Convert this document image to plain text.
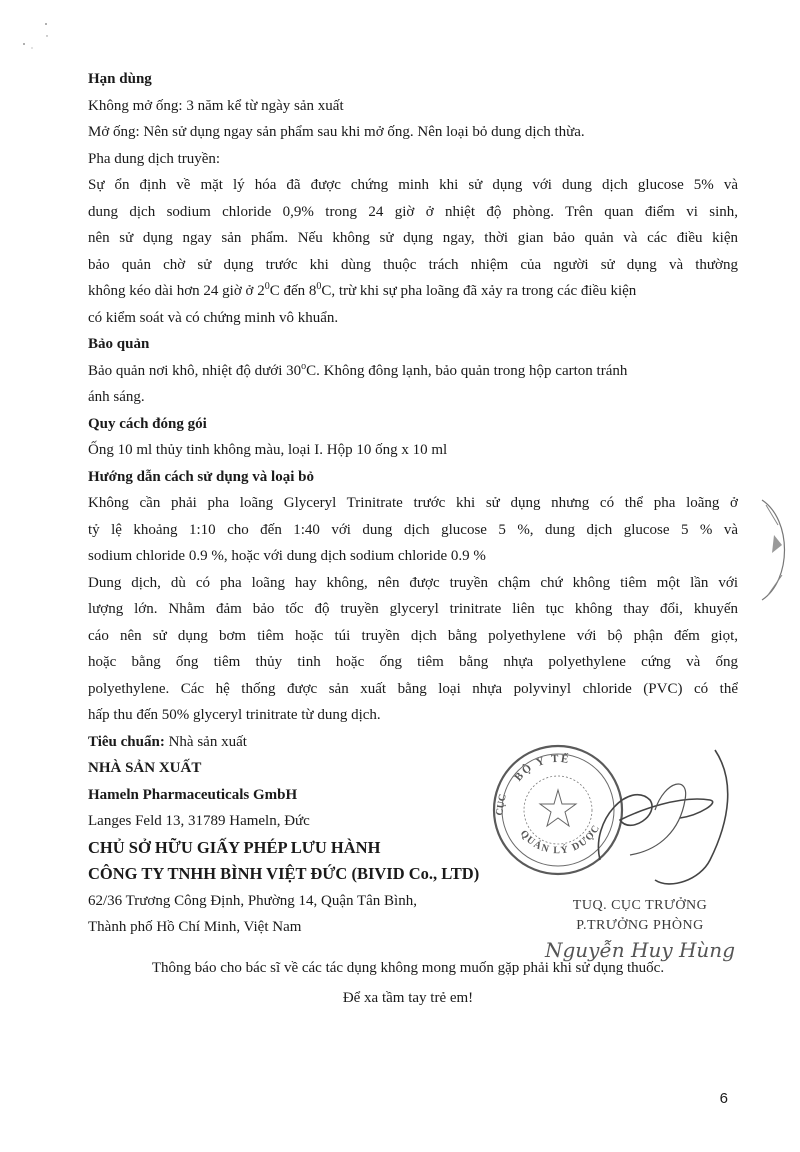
Hạn dùng
Không mở ống: 3 năm kể từ ngày sản xuất
Mở ống: Nên sử dụng ngay sản phẩm sau khi mở ống. Nên loại bỏ dung dịch thừa.
Pha dung dịch truyền:
Sự ổn định về mặt lý hóa đã được chứng minh khi sử dụng với dung dịch glucose 5% và
dung dịch sodium chloride 0,9% trong 24 giờ ở nhiệt độ phòng. Trên quan điểm vi sinh,
nên sử dụng ngay sản phẩm. Nếu không sử dụng ngay, thời gian bảo quản và các điều kiện
bảo quản chờ sử dụng trước khi dùng thuộc trách nhiệm của người sử dụng và thường
không kéo dài hơn 24 giờ ở $2^0C$ đến $8^0C$, trừ khi sự pha loãng đã xảy ra trong các điều kiện
có kiểm soát và có chứng minh vô khuẩn.
Bảo quản
Bảo quản nơi khô, nhiệt độ dưới 30$^o$C. Không đông lạnh, bảo quản trong hộp carton tránh
ánh sáng.
Quy cách đóng gói
Ống 10 ml thủy tinh không màu, loại I. Hộp 10 ống x 10 ml
Hướng dẫn cách sử dụng và loại bỏ
Không cần phải pha loãng Glyceryl Trinitrate trước khi sử dụng nhưng có thể pha loãng ở
tỷ lệ khoảng 1:10 cho đến 1:40 với dung dịch glucose 5 %, dung dịch glucose 5 % và
sodium chloride 0.9 %, hoặc với dung dịch sodium chloride 0.9 %
Dung dịch, dù có pha loãng hay không, nên được truyền chậm chứ không tiêm một lần với
lượng lớn. Nhằm đảm bảo tốc độ truyền glyceryl trinitrate liên tục không thay đổi, khuyến
cáo nên sử dụng bơm tiêm hoặc túi truyền dịch bằng polyethylene với bộ phận đếm giọt,
hoặc bằng ống tiêm thủy tinh hoặc ống tiêm bằng nhựa polyethylene cứng và ống
polyethylene. Các hệ thống được sản xuất bằng loại nhựa polyvinyl chloride (PVC) có thể
hấp thu đến 50% glyceryl trinitrate từ dung dịch.
Tiêu chuẩn: Nhà sản xuất
NHÀ SẢN XUẤT
Hameln Pharmaceuticals GmbH
Langes Feld 13, 31789 Hameln, Đức
CHỦ SỞ HỮU GIẤY PHÉP LƯU HÀNH
CÔNG TY TNHH BÌNH VIỆT ĐỨC (BIVID Co., LTD)
62/36 Trương Công Định, Phường 14, Quận Tân Bình,
Thành phố Hồ Chí Minh, Việt Nam
BỘ Y TẾ
QUẢN LÝ DƯỢC
CỤC
TUQ. CỤC TRƯỞNG
P.TRƯỞNG PHÒNG
Nguyễn Huy Hùng
Thông báo cho bác sĩ về các tác dụng không mong muốn gặp phải khi sử dụng thuốc.
Để xa tầm tay trẻ em!
6
